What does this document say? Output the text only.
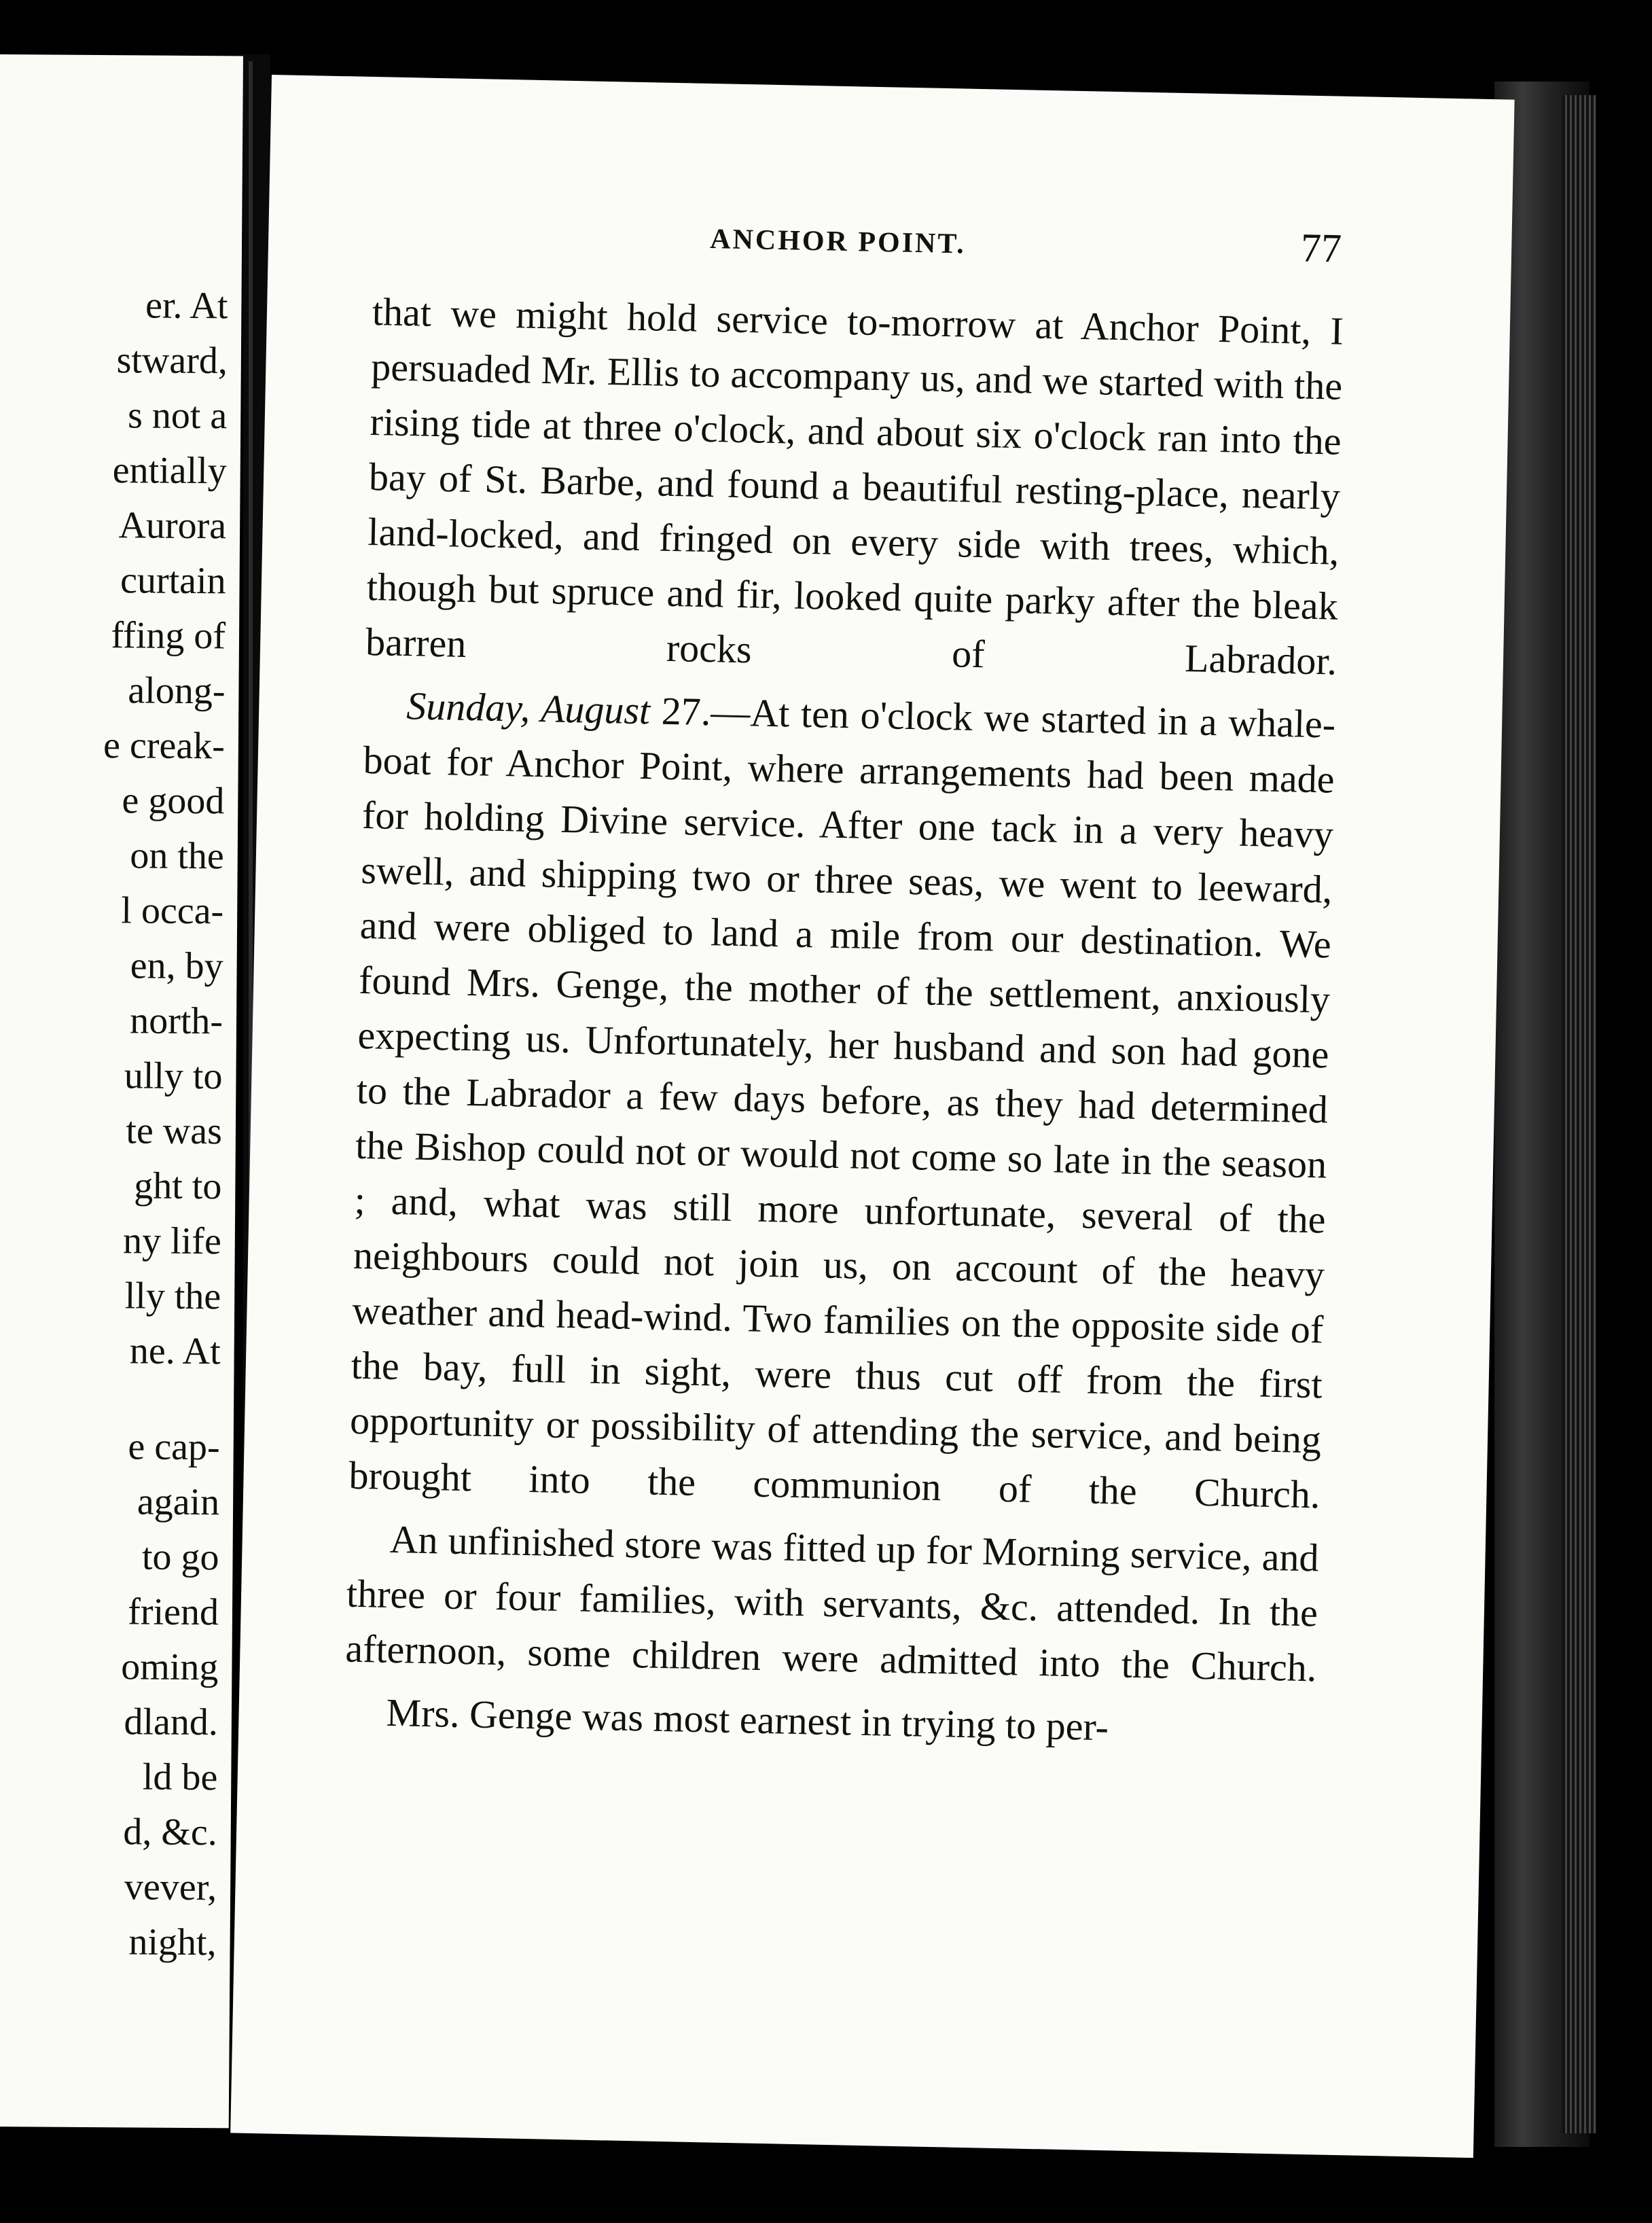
er. At
stward,
s not a
entially
Aurora
curtain
ffing of
along-
e creak-
e good
on the
l occa-
en, by
north-
ully to
te was
ght to
ny life
lly the
ne. At
e cap-
again
to go
friend
oming
dland.
ld be
d, &c.
vever,
night,
ANCHOR POINT.	77

that we might hold service to-morrow at Anchor Point, I persuaded Mr. Ellis to accompany us, and we started with the rising tide at three o'clock, and about six o'clock ran into the bay of St. Barbe, and found a beautiful resting-place, nearly land-locked, and fringed on every side with trees, which, though but spruce and fir, looked quite parky after the bleak barren rocks of Labrador.

Sunday, August 27.—At ten o'clock we started in a whale-boat for Anchor Point, where arrangements had been made for holding Divine service. After one tack in a very heavy swell, and shipping two or three seas, we went to leeward, and were obliged to land a mile from our destination. We found Mrs. Genge, the mother of the settlement, anxiously expecting us. Unfortunately, her husband and son had gone to the Labrador a few days before, as they had determined the Bishop could not or would not come so late in the season ; and, what was still more unfortunate, several of the neighbours could not join us, on account of the heavy weather and head-wind. Two families on the opposite side of the bay, full in sight, were thus cut off from the first opportunity or possibility of attending the service, and being brought into the communion of the Church.

An unfinished store was fitted up for Morning service, and three or four families, with servants, &c. attended. In the afternoon, some children were admitted into the Church.

Mrs. Genge was most earnest in trying to per-
